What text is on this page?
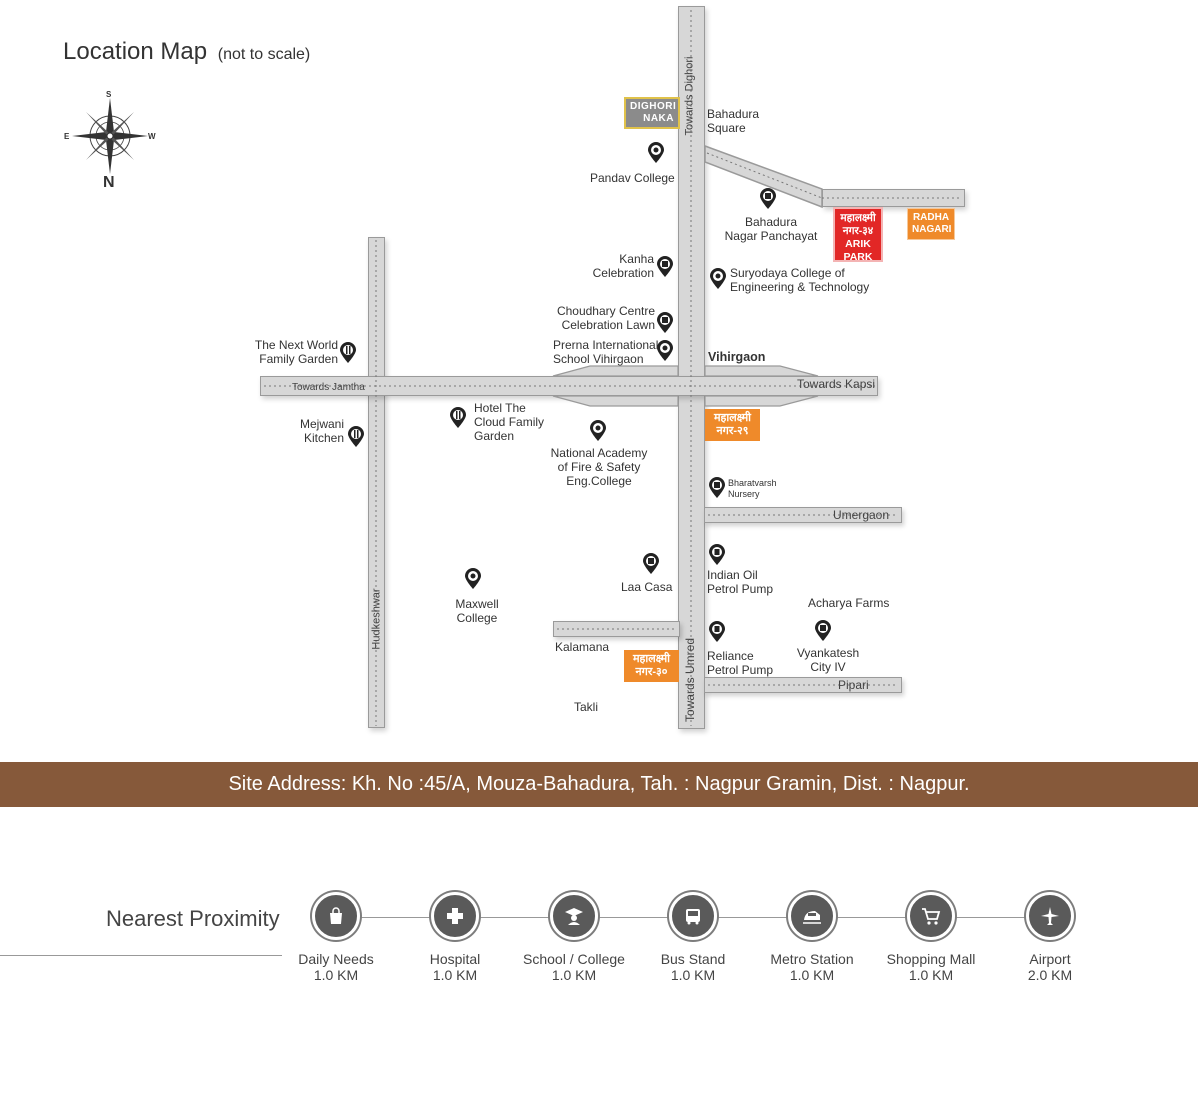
Location Map (not to scale)
S
E	W
N
Towards Dighori
Towards Umred
Towards Jamtha	Towards Kapsi
Hudkeshwar
Umergaon
Pipari
DIGHORI
NAKA
RADHA
NAGARI
महालक्ष्मी
नगर-३४
ARIK
PARK
महालक्ष्मी
नगर-२९
महालक्ष्मी
नगर-३०
Bahadura
Square
Pandav College
Bahadura
Nagar Panchayat
Kanha
Celebration	Suryodaya College of
Engineering & Technology
Choudhary Centre
Celebration Lawn
Prerna International
School Vihirgaon	Vihirgaon
The Next World
Family Garden
Hotel The
Cloud Family
Garden
Mejwani
Kitchen
National Academy
of Fire & Safety
Eng.College	Bharatvarsh
Nursery
Indian Oil
Petrol Pump
Laa Casa
Maxwell
College
Acharya Farms
Reliance
Petrol Pump
Vyankatesh
City IV
Kalamana
Takli
Site Address: Kh. No :45/A, Mouza-Bahadura, Tah. : Nagpur Gramin, Dist. : Nagpur.
Nearest Proximity
Daily Needs
1.0 KM
Hospital
1.0 KM
School / College
1.0 KM
Bus Stand
1.0 KM
Metro Station
1.0 KM
Shopping Mall
1.0 KM
Airport
2.0 KM
